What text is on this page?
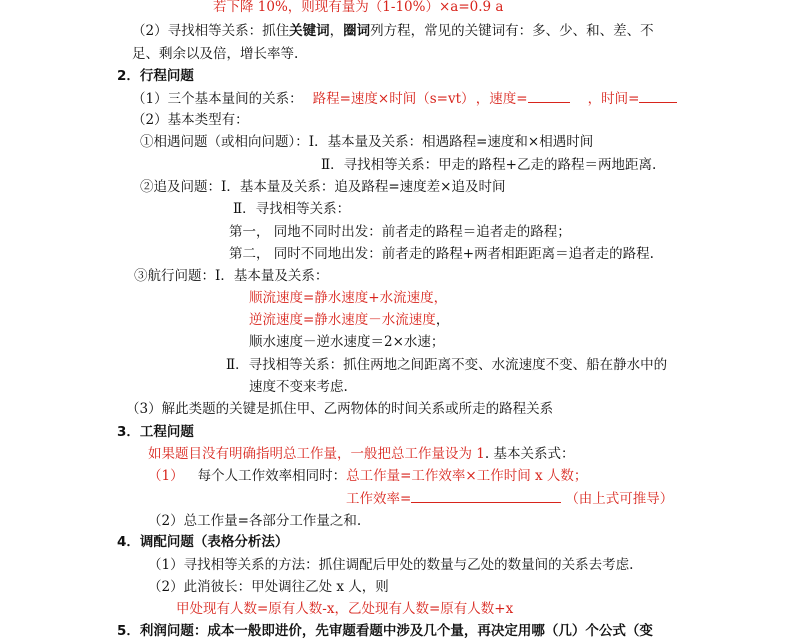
若下降 10%，则现有量为（1-10%）×a=0.9 a
（2）寻找相等关系：抓住关键词，圈词列方程，常见的关键词有：多、少、和、差、不
足、剩余以及倍，增长率等.
2．行程问题
（1）三个基本量间的关系： 路程=速度×时间（s=vt） ，速度=	，时间=
（2）基本类型有：
①相遇问题（或相向问题）：Ⅰ．基本量及关系：相遇路程=速度和×相遇时间
Ⅱ．寻找相等关系：甲走的路程+乙走的路程＝两地距离.
②追及问题：Ⅰ．基本量及关系：追及路程=速度差×追及时间
Ⅱ．寻找相等关系：
第一， 同地不同时出发：前者走的路程＝追者走的路程；
第二， 同时不同地出发：前者走的路程+两者相距距离＝追者走的路程.
③航行问题：Ⅰ．基本量及关系：
顺流速度=静水速度+水流速度，
逆流速度=静水速度－水流速度，
顺水速度－逆水速度＝2×水速；
Ⅱ．寻找相等关系：抓住两地之间距离不变、水流速度不变、船在静水中的
速度不变来考虑.
（3）解此类题的关键是抓住甲、乙两物体的时间关系或所走的路程关系
3．工程问题
如果题目没有明确指明总工作量，一般把总工作量设为 1. 基本关系式：
（1） 每个人工作效率相同时：总工作量=工作效率×工作时间 x 人数；
工作效率=	（由上式可推导）
（2）总工作量=各部分工作量之和.
4．调配问题（表格分析法）
（1）寻找相等关系的方法：抓住调配后甲处的数量与乙处的数量间的关系去考虑.
（2）此消彼长：甲处调往乙处 x 人，则
甲处现有人数=原有人数-x，乙处现有人数=原有人数+x
5．利润问题：成本一般即进价，先审题看题中涉及几个量，再决定用哪（几）个公式（变
